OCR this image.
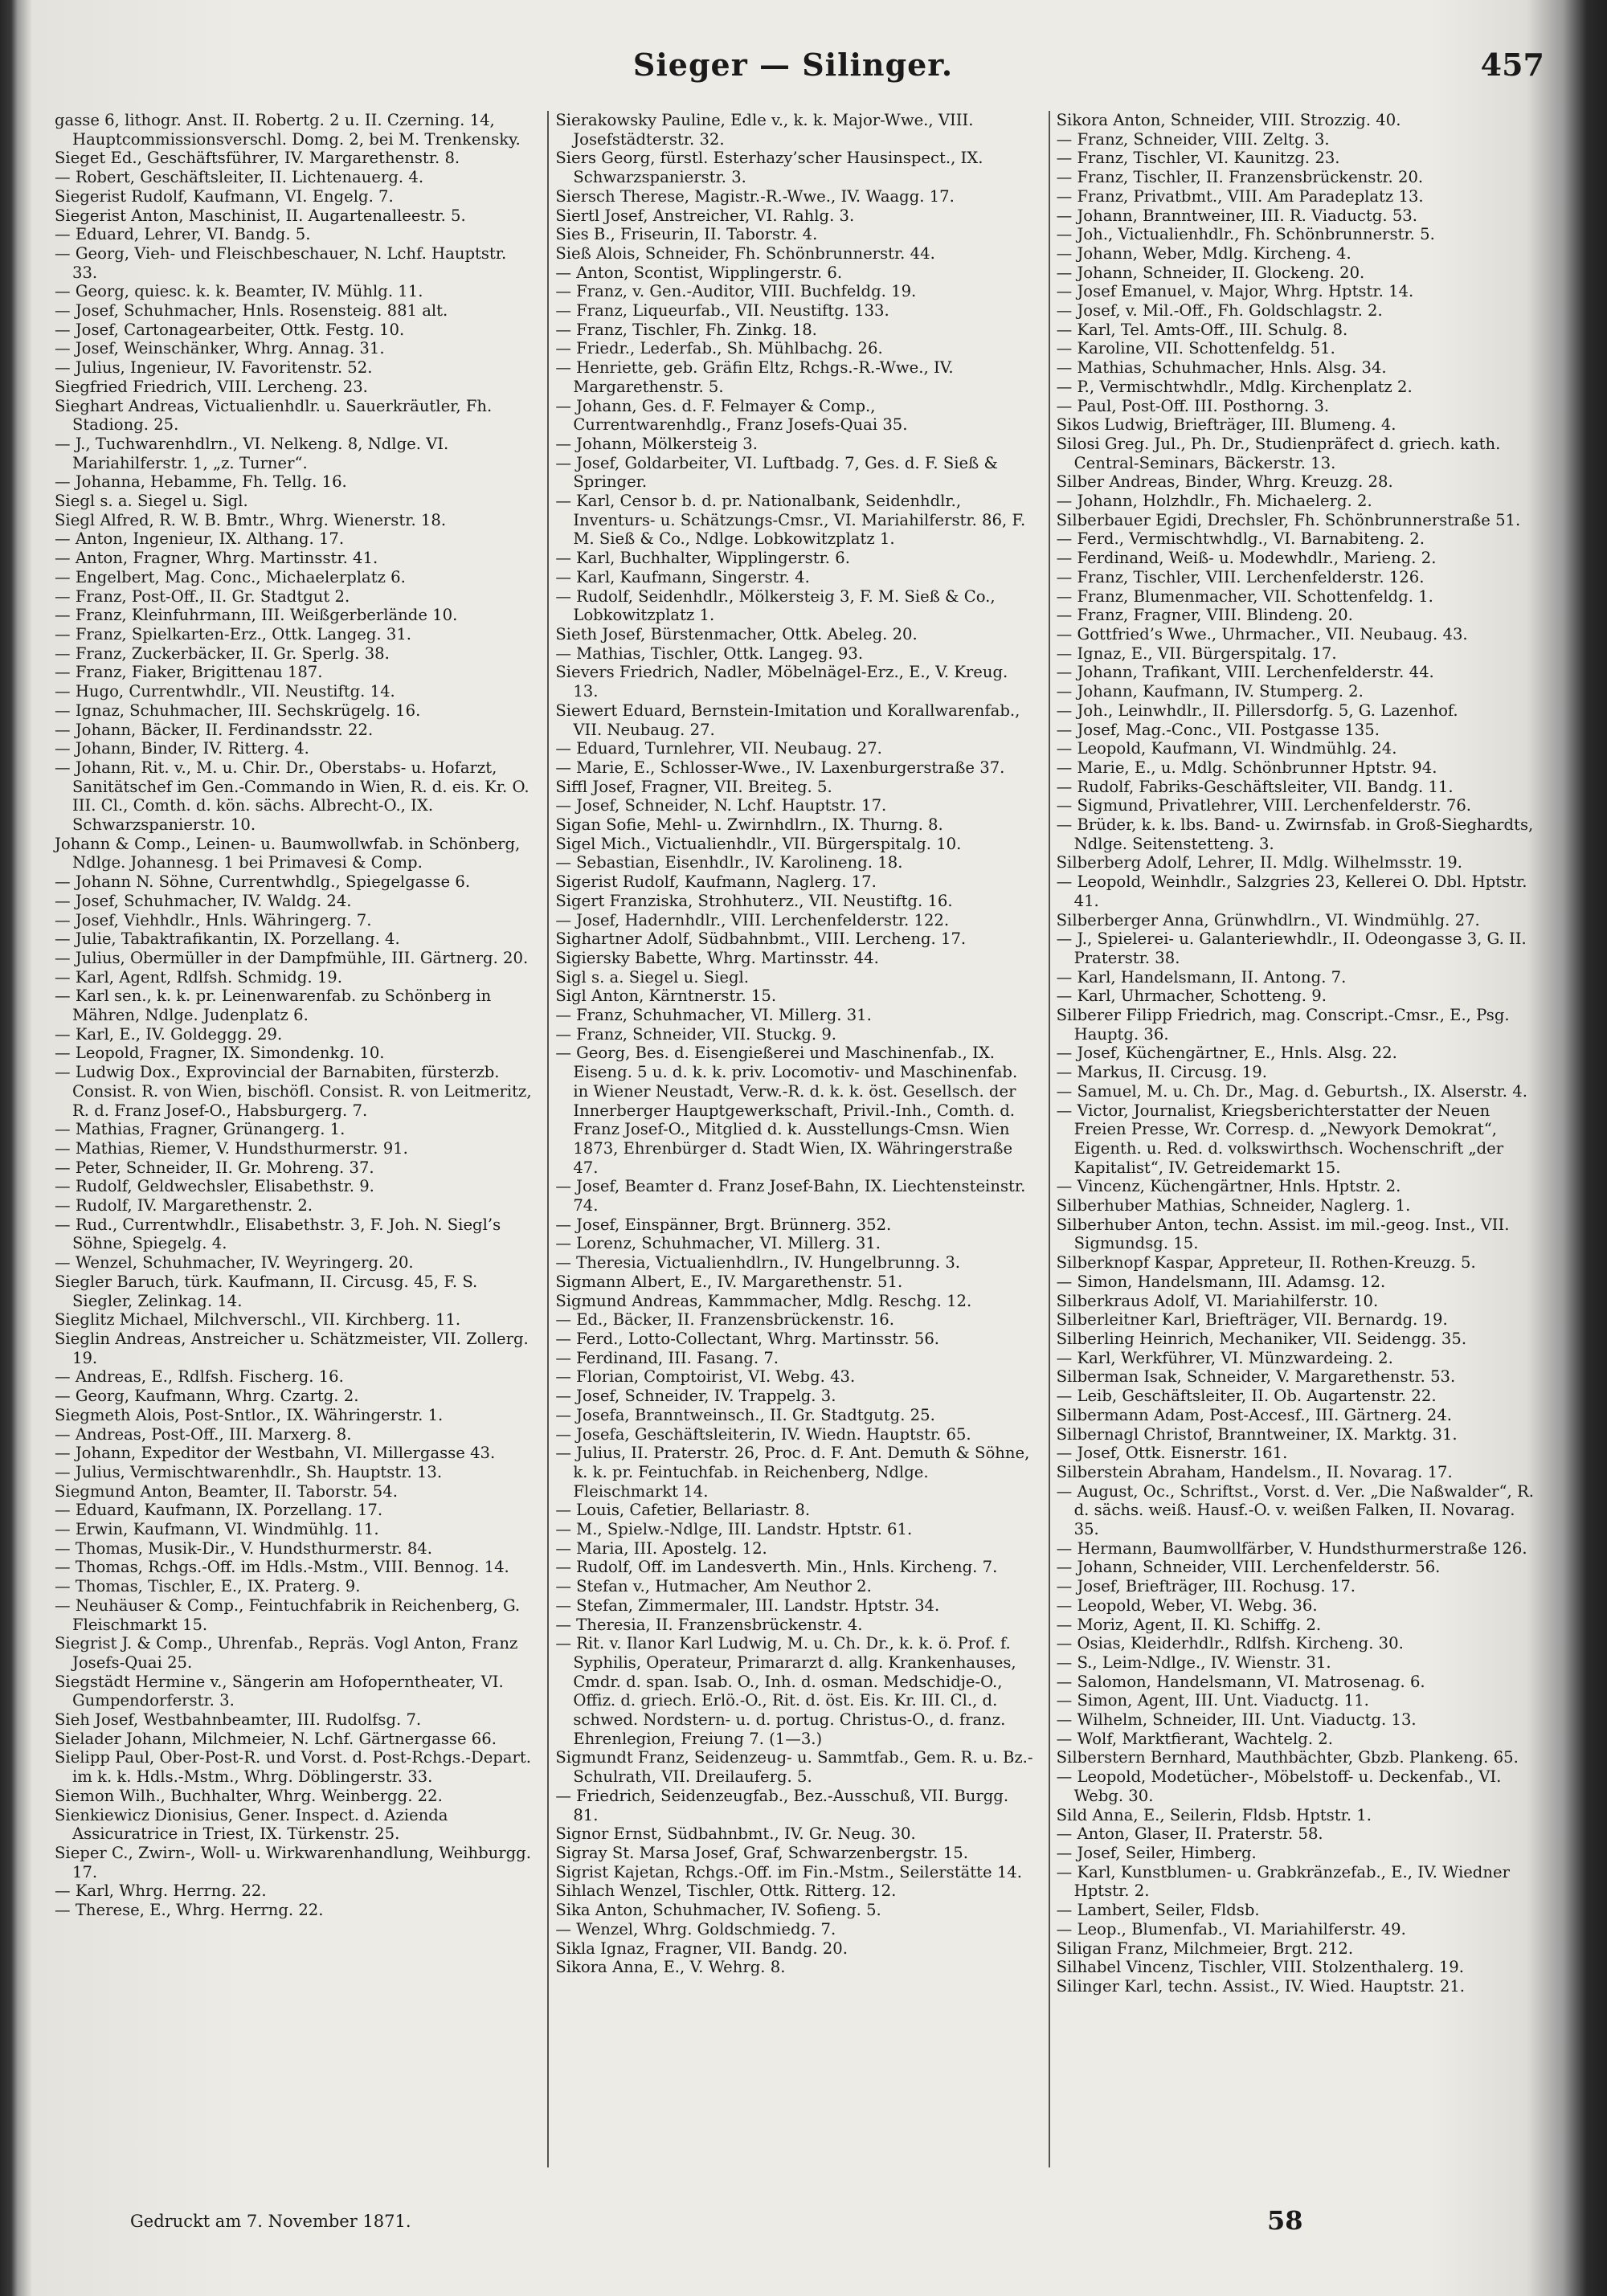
Sieger — Silinger.	457

gasse 6, lithogr. Anst. II. Robertg. 2 u. II. Czerning. 14, Hauptcommissionsverschl. Domg. 2, bei M. Trenkensky.

Sieget Ed., Geschäftsführer, IV. Margarethenstr. 8.

— Robert, Geschäftsleiter, II. Lichtenauerg. 4.

Siegerist Rudolf, Kaufmann, VI. Engelg. 7.

Siegerist Anton, Maschinist, II. Augartenalleestr. 5.

— Eduard, Lehrer, VI. Bandg. 5.

— Georg, Vieh- und Fleischbeschauer, N. Lchf. Hauptstr. 33.

— Georg, quiesc. k. k. Beamter, IV. Mühlg. 11.

— Josef, Schuhmacher, Hnls. Rosensteig. 881 alt.

— Josef, Cartonagearbeiter, Ottk. Festg. 10.

— Josef, Weinschänker, Whrg. Annag. 31.

— Julius, Ingenieur, IV. Favoritenstr. 52.

Siegfried Friedrich, VIII. Lercheng. 23.

Sieghart Andreas, Victualienhdlr. u. Sauerkräutler, Fh. Stadiong. 25.

— J., Tuchwarenhdlrn., VI. Nelkeng. 8, Ndlge. VI. Mariahilferstr. 1, „z. Turner“.

— Johanna, Hebamme, Fh. Tellg. 16.

Siegl s. a. Siegel u. Sigl.

Siegl Alfred, R. W. B. Bmtr., Whrg. Wienerstr. 18.

— Anton, Ingenieur, IX. Althang. 17.

— Anton, Fragner, Whrg. Martinsstr. 41.

— Engelbert, Mag. Conc., Michaelerplatz 6.

— Franz, Post-Off., II. Gr. Stadtgut 2.

— Franz, Kleinfuhrmann, III. Weißgerberlände 10.

— Franz, Spielkarten-Erz., Ottk. Langeg. 31.

— Franz, Zuckerbäcker, II. Gr. Sperlg. 38.

— Franz, Fiaker, Brigittenau 187.

— Hugo, Currentwhdlr., VII. Neustiftg. 14.

— Ignaz, Schuhmacher, III. Sechskrügelg. 16.

— Johann, Bäcker, II. Ferdinandsstr. 22.

— Johann, Binder, IV. Ritterg. 4.

— Johann, Rit. v., M. u. Chir. Dr., Oberstabs- u. Hofarzt, Sanitätschef im Gen.-Commando in Wien, R. d. eis. Kr. O. III. Cl., Comth. d. kön. sächs. Albrecht-O., IX. Schwarzspanierstr. 10.

Johann & Comp., Leinen- u. Baumwollwfab. in Schönberg, Ndlge. Johannesg. 1 bei Primavesi & Comp.

— Johann N. Söhne, Currentwhdlg., Spiegelgasse 6.

— Josef, Schuhmacher, IV. Waldg. 24.

— Josef, Viehhdlr., Hnls. Währingerg. 7.

— Julie, Tabaktrafikantin, IX. Porzellang. 4.

— Julius, Obermüller in der Dampfmühle, III. Gärtnerg. 20.

— Karl, Agent, Rdlfsh. Schmidg. 19.

— Karl sen., k. k. pr. Leinenwarenfab. zu Schönberg in Mähren, Ndlge. Judenplatz 6.

— Karl, E., IV. Goldeggg. 29.

— Leopold, Fragner, IX. Simondenkg. 10.

— Ludwig Dox., Exprovincial der Barnabiten, fürsterzb. Consist. R. von Wien, bischöfl. Consist. R. von Leitmeritz, R. d. Franz Josef-O., Habsburgerg. 7.

— Mathias, Fragner, Grünangerg. 1.

— Mathias, Riemer, V. Hundsthurmerstr. 91.

— Peter, Schneider, II. Gr. Mohreng. 37.

— Rudolf, Geldwechsler, Elisabethstr. 9.

— Rudolf, IV. Margarethenstr. 2.

— Rud., Currentwhdlr., Elisabethstr. 3, F. Joh. N. Siegl’s Söhne, Spiegelg. 4.

— Wenzel, Schuhmacher, IV. Weyringerg. 20.

Siegler Baruch, türk. Kaufmann, II. Circusg. 45, F. S. Siegler, Zelinkag. 14.

Sieglitz Michael, Milchverschl., VII. Kirchberg. 11.

Sieglin Andreas, Anstreicher u. Schätzmeister, VII. Zollerg. 19.

— Andreas, E., Rdlfsh. Fischerg. 16.

— Georg, Kaufmann, Whrg. Czartg. 2.

Siegmeth Alois, Post-Sntlor., IX. Währingerstr. 1.

— Andreas, Post-Off., III. Marxerg. 8.

— Johann, Expeditor der Westbahn, VI. Millergasse 43.

— Julius, Vermischtwarenhdlr., Sh. Hauptstr. 13.

Siegmund Anton, Beamter, II. Taborstr. 54.

— Eduard, Kaufmann, IX. Porzellang. 17.

— Erwin, Kaufmann, VI. Windmühlg. 11.

— Thomas, Musik-Dir., V. Hundsthurmerstr. 84.

— Thomas, Rchgs.-Off. im Hdls.-Mstm., VIII. Bennog. 14.

— Thomas, Tischler, E., IX. Praterg. 9.

— Neuhäuser & Comp., Feintuchfabrik in Reichenberg, G. Fleischmarkt 15.

Siegrist J. & Comp., Uhrenfab., Repräs. Vogl Anton, Franz Josefs-Quai 25.

Siegstädt Hermine v., Sängerin am Hofoperntheater, VI. Gumpendorferstr. 3.

Sieh Josef, Westbahnbeamter, III. Rudolfsg. 7.

Sielader Johann, Milchmeier, N. Lchf. Gärtnergasse 66.

Sielipp Paul, Ober-Post-R. und Vorst. d. Post-Rchgs.-Depart. im k. k. Hdls.-Mstm., Whrg. Döblingerstr. 33.

Siemon Wilh., Buchhalter, Whrg. Weinbergg. 22.

Sienkiewicz Dionisius, Gener. Inspect. d. Azienda Assicuratrice in Triest, IX. Türkenstr. 25.

Sieper C., Zwirn-, Woll- u. Wirkwarenhandlung, Weihburgg. 17.

— Karl, Whrg. Herrng. 22.

— Therese, E., Whrg. Herrng. 22.

Sierakowsky Pauline, Edle v., k. k. Major-Wwe., VIII. Josefstädterstr. 32.

Siers Georg, fürstl. Esterhazy’scher Hausinspect., IX. Schwarzspanierstr. 3.

Siersch Therese, Magistr.-R.-Wwe., IV. Waagg. 17.

Siertl Josef, Anstreicher, VI. Rahlg. 3.

Sies B., Friseurin, II. Taborstr. 4.

Sieß Alois, Schneider, Fh. Schönbrunnerstr. 44.

— Anton, Scontist, Wipplingerstr. 6.

— Franz, v. Gen.-Auditor, VIII. Buchfeldg. 19.

— Franz, Liqueurfab., VII. Neustiftg. 133.

— Franz, Tischler, Fh. Zinkg. 18.

— Friedr., Lederfab., Sh. Mühlbachg. 26.

— Henriette, geb. Gräfin Eltz, Rchgs.-R.-Wwe., IV. Margarethenstr. 5.

— Johann, Ges. d. F. Felmayer & Comp., Currentwarenhdlg., Franz Josefs-Quai 35.

— Johann, Mölkersteig 3.

— Josef, Goldarbeiter, VI. Luftbadg. 7, Ges. d. F. Sieß & Springer.

— Karl, Censor b. d. pr. Nationalbank, Seidenhdlr., Inventurs- u. Schätzungs-Cmsr., VI. Mariahilferstr. 86, F. M. Sieß & Co., Ndlge. Lobkowitzplatz 1.

— Karl, Buchhalter, Wipplingerstr. 6.

— Karl, Kaufmann, Singerstr. 4.

— Rudolf, Seidenhdlr., Mölkersteig 3, F. M. Sieß & Co., Lobkowitzplatz 1.

Sieth Josef, Bürstenmacher, Ottk. Abeleg. 20.

— Mathias, Tischler, Ottk. Langeg. 93.

Sievers Friedrich, Nadler, Möbelnägel-Erz., E., V. Kreug. 13.

Siewert Eduard, Bernstein-Imitation und Korallwarenfab., VII. Neubaug. 27.

— Eduard, Turnlehrer, VII. Neubaug. 27.

— Marie, E., Schlosser-Wwe., IV. Laxenburgerstraße 37.

Siffl Josef, Fragner, VII. Breiteg. 5.

— Josef, Schneider, N. Lchf. Hauptstr. 17.

Sigan Sofie, Mehl- u. Zwirnhdlrn., IX. Thurng. 8.

Sigel Mich., Victualienhdlr., VII. Bürgerspitalg. 10.

— Sebastian, Eisenhdlr., IV. Karolineng. 18.

Sigerist Rudolf, Kaufmann, Naglerg. 17.

Sigert Franziska, Strohhuterz., VII. Neustiftg. 16.

— Josef, Hadernhdlr., VIII. Lerchenfelderstr. 122.

Sighartner Adolf, Südbahnbmt., VIII. Lercheng. 17.

Sigiersky Babette, Whrg. Martinsstr. 44.

Sigl s. a. Siegel u. Siegl.

Sigl Anton, Kärntnerstr. 15.

— Franz, Schuhmacher, VI. Millerg. 31.

— Franz, Schneider, VII. Stuckg. 9.

— Georg, Bes. d. Eisengießerei und Maschinenfab., IX. Eiseng. 5 u. d. k. k. priv. Locomotiv- und Maschinenfab. in Wiener Neustadt, Verw.-R. d. k. k. öst. Gesellsch. der Innerberger Hauptgewerkschaft, Privil.-Inh., Comth. d. Franz Josef-O., Mitglied d. k. Ausstellungs-Cmsn. Wien 1873, Ehrenbürger d. Stadt Wien, IX. Währingerstraße 47.

— Josef, Beamter d. Franz Josef-Bahn, IX. Liechtensteinstr. 74.

— Josef, Einspänner, Brgt. Brünnerg. 352.

— Lorenz, Schuhmacher, VI. Millerg. 31.

— Theresia, Victualienhdlrn., IV. Hungelbrunng. 3.

Sigmann Albert, E., IV. Margarethenstr. 51.

Sigmund Andreas, Kammmacher, Mdlg. Reschg. 12.

— Ed., Bäcker, II. Franzensbrückenstr. 16.

— Ferd., Lotto-Collectant, Whrg. Martinsstr. 56.

— Ferdinand, III. Fasang. 7.

— Florian, Comptoirist, VI. Webg. 43.

— Josef, Schneider, IV. Trappelg. 3.

— Josefa, Branntweinsch., II. Gr. Stadtgutg. 25.

— Josefa, Geschäftsleiterin, IV. Wiedn. Hauptstr. 65.

— Julius, II. Praterstr. 26, Proc. d. F. Ant. Demuth & Söhne, k. k. pr. Feintuchfab. in Reichenberg, Ndlge. Fleischmarkt 14.

— Louis, Cafetier, Bellariastr. 8.

— M., Spielw.-Ndlge, III. Landstr. Hptstr. 61.

— Maria, III. Apostelg. 12.

— Rudolf, Off. im Landesverth. Min., Hnls. Kircheng. 7.

— Stefan v., Hutmacher, Am Neuthor 2.

— Stefan, Zimmermaler, III. Landstr. Hptstr. 34.

— Theresia, II. Franzensbrückenstr. 4.

— Rit. v. Ilanor Karl Ludwig, M. u. Ch. Dr., k. k. ö. Prof. f. Syphilis, Operateur, Primararzt d. allg. Krankenhauses, Cmdr. d. span. Isab. O., Inh. d. osman. Medschidje-O., Offiz. d. griech. Erlö.-O., Rit. d. öst. Eis. Kr. III. Cl., d. schwed. Nordstern- u. d. portug. Christus-O., d. franz. Ehrenlegion, Freiung 7. (1—3.)

Sigmundt Franz, Seidenzeug- u. Sammtfab., Gem. R. u. Bz.-Schulrath, VII. Dreilauferg. 5.

— Friedrich, Seidenzeugfab., Bez.-Ausschuß, VII. Burgg. 81.

Signor Ernst, Südbahnbmt., IV. Gr. Neug. 30.

Sigray St. Marsa Josef, Graf, Schwarzenbergstr. 15.

Sigrist Kajetan, Rchgs.-Off. im Fin.-Mstm., Seilerstätte 14.

Sihlach Wenzel, Tischler, Ottk. Ritterg. 12.

Sika Anton, Schuhmacher, IV. Sofieng. 5.

— Wenzel, Whrg. Goldschmiedg. 7.

Sikla Ignaz, Fragner, VII. Bandg. 20.

Sikora Anna, E., V. Wehrg. 8.

Sikora Anton, Schneider, VIII. Strozzig. 40.

— Franz, Schneider, VIII. Zeltg. 3.

— Franz, Tischler, VI. Kaunitzg. 23.

— Franz, Tischler, II. Franzensbrückenstr. 20.

— Franz, Privatbmt., VIII. Am Paradeplatz 13.

— Johann, Branntweiner, III. R. Viaductg. 53.

— Joh., Victualienhdlr., Fh. Schönbrunnerstr. 5.

— Johann, Weber, Mdlg. Kircheng. 4.

— Johann, Schneider, II. Glockeng. 20.

— Josef Emanuel, v. Major, Whrg. Hptstr. 14.

— Josef, v. Mil.-Off., Fh. Goldschlagstr. 2.

— Karl, Tel. Amts-Off., III. Schulg. 8.

— Karoline, VII. Schottenfeldg. 51.

— Mathias, Schuhmacher, Hnls. Alsg. 34.

— P., Vermischtwhdlr., Mdlg. Kirchenplatz 2.

— Paul, Post-Off. III. Posthorng. 3.

Sikos Ludwig, Briefträger, III. Blumeng. 4.

Silosi Greg. Jul., Ph. Dr., Studienpräfect d. griech. kath. Central-Seminars, Bäckerstr. 13.

Silber Andreas, Binder, Whrg. Kreuzg. 28.

— Johann, Holzhdlr., Fh. Michaelerg. 2.

Silberbauer Egidi, Drechsler, Fh. Schönbrunnerstraße 51.

— Ferd., Vermischtwhdlg., VI. Barnabiteng. 2.

— Ferdinand, Weiß- u. Modewhdlr., Marieng. 2.

— Franz, Tischler, VIII. Lerchenfelderstr. 126.

— Franz, Blumenmacher, VII. Schottenfeldg. 1.

— Franz, Fragner, VIII. Blindeng. 20.

— Gottfried’s Wwe., Uhrmacher., VII. Neubaug. 43.

— Ignaz, E., VII. Bürgerspitalg. 17.

— Johann, Trafikant, VIII. Lerchenfelderstr. 44.

— Johann, Kaufmann, IV. Stumperg. 2.

— Joh., Leinwhdlr., II. Pillersdorfg. 5, G. Lazenhof.

— Josef, Mag.-Conc., VII. Postgasse 135.

— Leopold, Kaufmann, VI. Windmühlg. 24.

— Marie, E., u. Mdlg. Schönbrunner Hptstr. 94.

— Rudolf, Fabriks-Geschäftsleiter, VII. Bandg. 11.

— Sigmund, Privatlehrer, VIII. Lerchenfelderstr. 76.

— Brüder, k. k. lbs. Band- u. Zwirnsfab. in Groß-Sieghardts, Ndlge. Seitenstetteng. 3.

Silberberg Adolf, Lehrer, II. Mdlg. Wilhelmsstr. 19.

— Leopold, Weinhdlr., Salzgries 23, Kellerei O. Dbl. Hptstr. 41.

Silberberger Anna, Grünwhdlrn., VI. Windmühlg. 27.

— J., Spielerei- u. Galanteriewhdlr., II. Odeongasse 3, G. II. Praterstr. 38.

— Karl, Handelsmann, II. Antong. 7.

— Karl, Uhrmacher, Schotteng. 9.

Silberer Filipp Friedrich, mag. Conscript.-Cmsr., E., Psg. Hauptg. 36.

— Josef, Küchengärtner, E., Hnls. Alsg. 22.

— Markus, II. Circusg. 19.

— Samuel, M. u. Ch. Dr., Mag. d. Geburtsh., IX. Alserstr. 4.

— Victor, Journalist, Kriegsberichterstatter der Neuen Freien Presse, Wr. Corresp. d. „Newyork Demokrat“, Eigenth. u. Red. d. volkswirthsch. Wochenschrift „der Kapitalist“, IV. Getreidemarkt 15.

— Vincenz, Küchengärtner, Hnls. Hptstr. 2.

Silberhuber Mathias, Schneider, Naglerg. 1.

Silberhuber Anton, techn. Assist. im mil.-geog. Inst., VII. Sigmundsg. 15.

Silberknopf Kaspar, Appreteur, II. Rothen-Kreuzg. 5.

— Simon, Handelsmann, III. Adamsg. 12.

Silberkraus Adolf, VI. Mariahilferstr. 10.

Silberleitner Karl, Briefträger, VII. Bernardg. 19.

Silberling Heinrich, Mechaniker, VII. Seidengg. 35.

— Karl, Werkführer, VI. Münzwardeing. 2.

Silberman Isak, Schneider, V. Margarethenstr. 53.

— Leib, Geschäftsleiter, II. Ob. Augartenstr. 22.

Silbermann Adam, Post-Accesf., III. Gärtnerg. 24.

Silbernagl Christof, Branntweiner, IX. Marktg. 31.

— Josef, Ottk. Eisnerstr. 161.

Silberstein Abraham, Handelsm., II. Novarag. 17.

— August, Oc., Schriftst., Vorst. d. Ver. „Die Naßwalder“, R. d. sächs. weiß. Hausf.-O. v. weißen Falken, II. Novarag. 35.

— Hermann, Baumwollfärber, V. Hundsthurmerstraße 126.

— Johann, Schneider, VIII. Lerchenfelderstr. 56.

— Josef, Briefträger, III. Rochusg. 17.

— Leopold, Weber, VI. Webg. 36.

— Moriz, Agent, II. Kl. Schiffg. 2.

— Osias, Kleiderhdlr., Rdlfsh. Kircheng. 30.

— S., Leim-Ndlge., IV. Wienstr. 31.

— Salomon, Handelsmann, VI. Matrosenag. 6.

— Simon, Agent, III. Unt. Viaductg. 11.

— Wilhelm, Schneider, III. Unt. Viaductg. 13.

— Wolf, Marktfierant, Wachtelg. 2.

Silberstern Bernhard, Mauthbächter, Gbzb. Plankeng. 65.

— Leopold, Modetücher-, Möbelstoff- u. Deckenfab., VI. Webg. 30.

Sild Anna, E., Seilerin, Fldsb. Hptstr. 1.

— Anton, Glaser, II. Praterstr. 58.

— Josef, Seiler, Himberg.

— Karl, Kunstblumen- u. Grabkränzefab., E., IV. Wiedner Hptstr. 2.

— Lambert, Seiler, Fldsb.

— Leop., Blumenfab., VI. Mariahilferstr. 49.

Siligan Franz, Milchmeier, Brgt. 212.

Silhabel Vincenz, Tischler, VIII. Stolzenthalerg. 19.

Silinger Karl, techn. Assist., IV. Wied. Hauptstr. 21.

Gedruckt am 7. November 1871.	58
